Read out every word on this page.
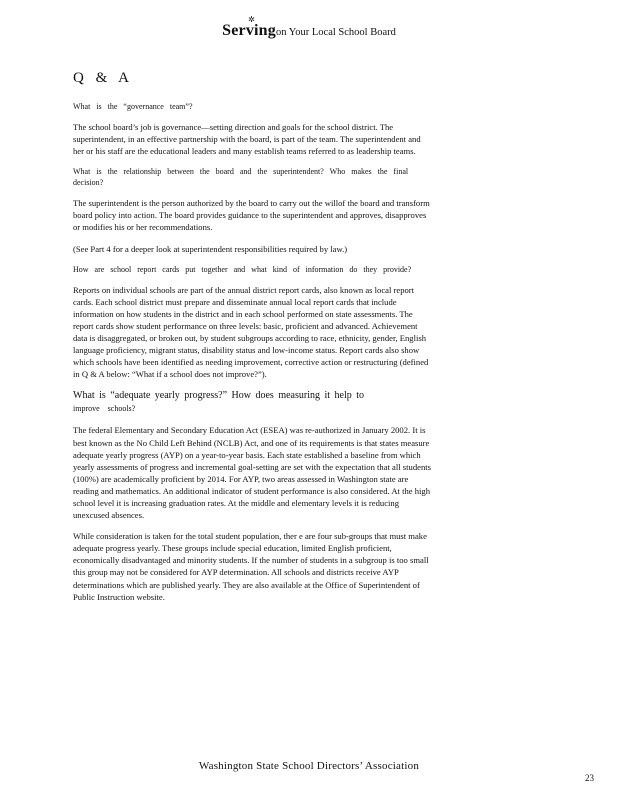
✲
Servingon Your Local School Board
Q & A
What is the “governance team”?
The school board’s job is governance—setting direction and goals for the school district. The superintendent, in an effective partnership with the board, is part of the team. The superintendent and her or his staff are the educational leaders and many establish teams referred to as leadership teams.
What is the relationship between the board and the superintendent? Who makes the final decision?
The superintendent is the person authorized by the board to carry out the willof the board and transform board policy into action. The board provides guidance to the superintendent and approves, disapproves or modifies his or her recommendations.
(See Part 4 for a deeper look at superintendent responsibilities required by law.)
How are school report cards put together and what kind of information do they provide?
Reports on individual schools are part of the annual district report cards, also known as local report cards. Each school district must prepare and disseminate annual local report cards that include information on how students in the district and in each school performed on state assessments. The report cards show student performance on three levels: basic, proficient and advanced. Achievement data is disaggregated, or broken out, by student subgroups according to race, ethnicity, gender, English language proficiency, migrant status, disability status and low-income status. Report cards also show which schools have been identified as needing improvement, corrective action or restructuring (defined in Q & A below: “What if a school does not improve?”).
What is “adequate yearly progress?” How does measuring it help to
improve schools?
The federal Elementary and Secondary Education Act (ESEA) was re-authorized in January 2002. It is best known as the No Child Left Behind (NCLB) Act, and one of its requirements is that states measure adequate yearly progress (AYP) on a year-to-year basis. Each state established a baseline from which yearly assessments of progress and incremental goal-setting are set with the expectation that all students (100%) are academically proficient by 2014. For AYP, two areas assessed in Washington state are reading and mathematics. An additional indicator of student performance is also considered. At the high school level it is increasing graduation rates. At the middle and elementary levels it is reducing unexcused absences.
While consideration is taken for the total student population, ther e are four sub-groups that must make adequate progress yearly. These groups include special education, limited English proficient, economically disadvantaged and minority students. If the number of students in a subgroup is too small this group may not be considered for AYP determination. All schools and districts receive AYP determinations which are published yearly. They are also available at the Office of Superintendent of Public Instruction website.
Washington State School Directors’ Association
23
